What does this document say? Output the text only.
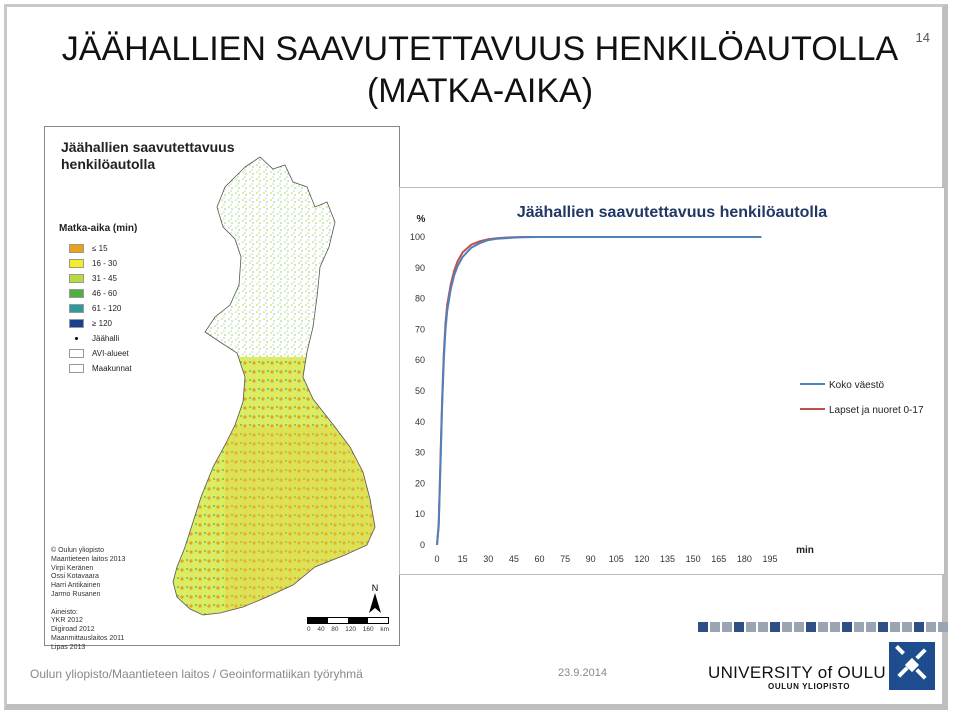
JÄÄHALLIEN SAAVUTETTAVUUS HENKILÖAUTOLLA
(MATKA-AIKA)
14
Jäähallien saavutettavuus
henkilöautolla
Matka-aika (min)
≤ 15
16 - 30
31 - 45
46 - 60
61 - 120
≥ 120
Jäähalli
AVI-alueet
Maakunnat
© Oulun yliopisto
Maantieteen laitos 2013
Virpi Keränen
Ossi Kotavaara
Harri Antikainen
Jarmo Rusanen

Aineisto:
YKR 2012
Digiroad 2012
Maanmittauslaitos 2011
Lipas 2013
N
0 40 80 120 160 km
Jäähallien saavutettavuus henkilöautolla
%
0
10
20
30
40
50
60
70
80
90
100
0 15 30 45 60 75 90 105 120 135 150 165 180 195
min
Koko väestö
Lapset ja nuoret 0-17
Oulun yliopisto/Maantieteen laitos / Geoinformatiikan työryhmä	23.9.2014	UNIVERSITY of OULU
OULUN YLIOPISTO
